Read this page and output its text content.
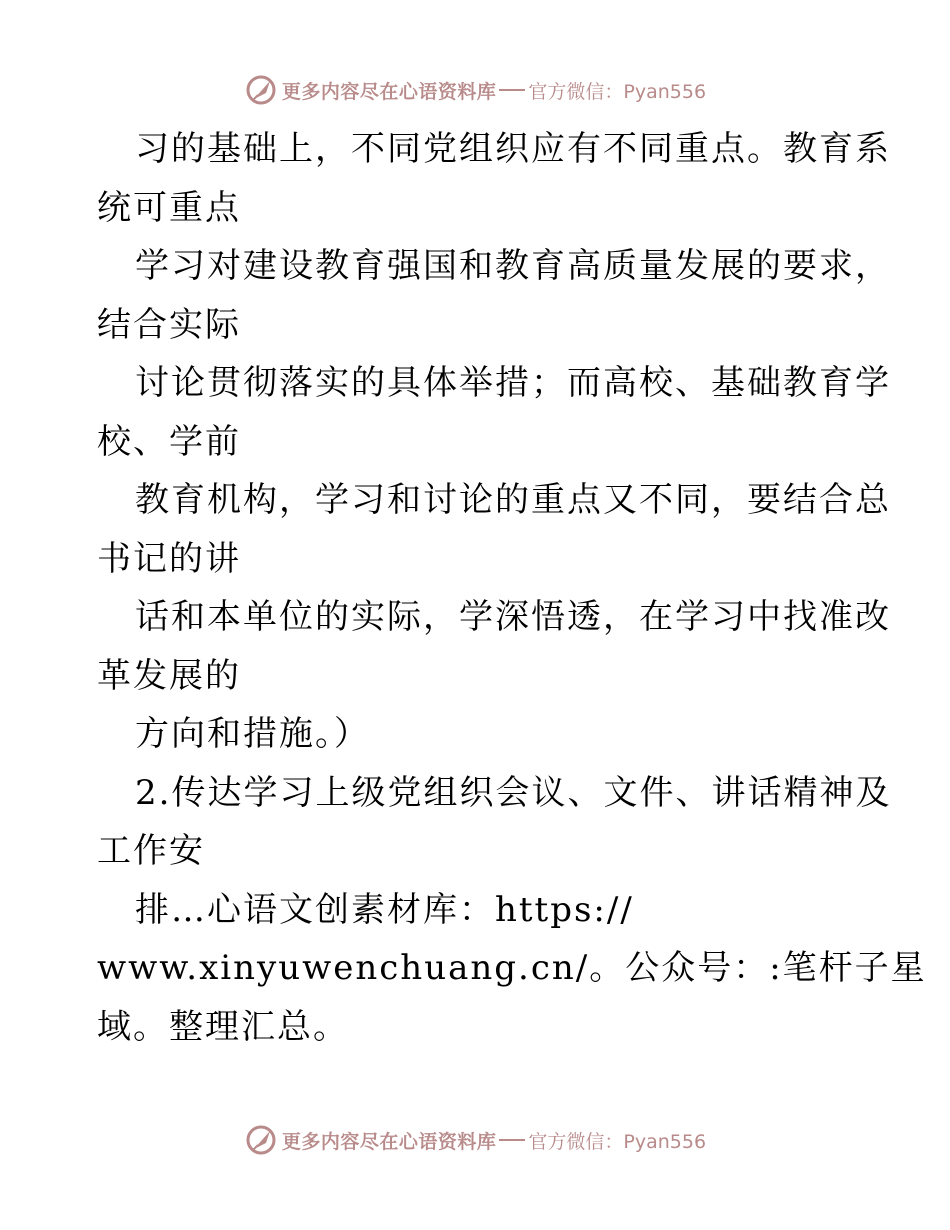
更多内容尽在心语资料库 官方微信：Pyan556
习的基础上，不同党组织应有不同重点。教育系
统可重点
学习对建设教育强国和教育高质量发展的要求，
结合实际
讨论贯彻落实的具体举措；而高校、基础教育学
校、学前
教育机构，学习和讨论的重点又不同，要结合总
书记的讲
话和本单位的实际，学深悟透，在学习中找准改
革发展的
方向和措施。）
2.传达学习上级党组织会议、文件、讲话精神及
工作安
排…心语文创素材库：https://
www.xinyuwenchuang.cn/。公众号：:笔杆子星
域。整理汇总。
更多内容尽在心语资料库 官方微信：Pyan556
